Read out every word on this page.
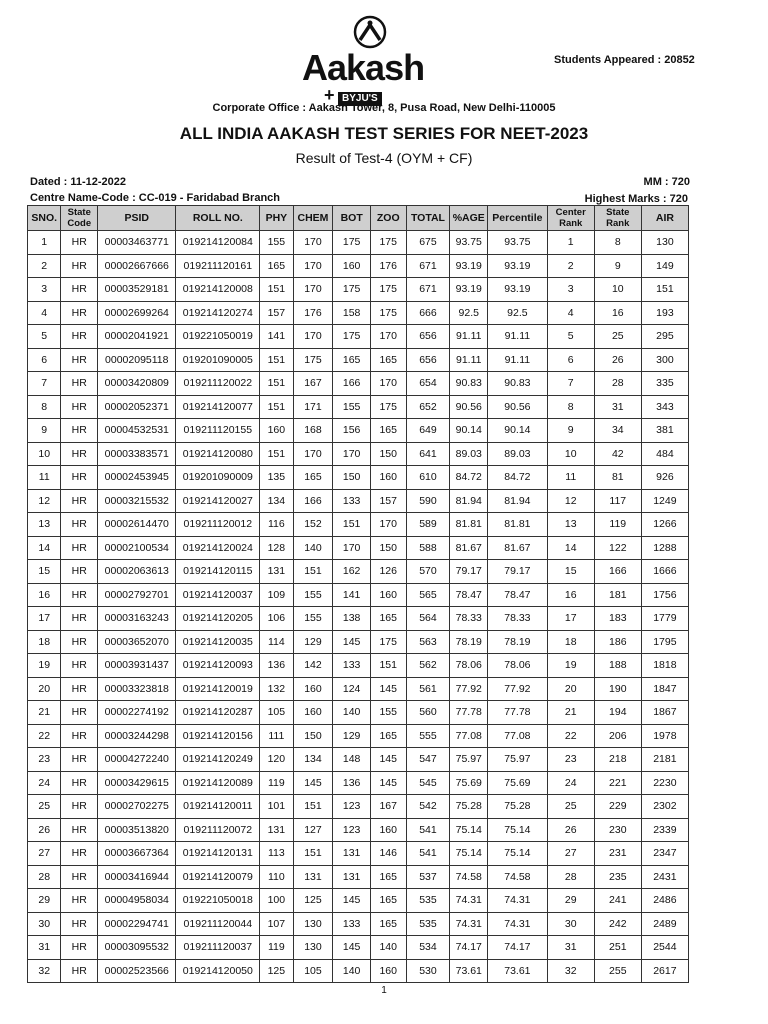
Aakash
+ BYJU'S
Students Appeared : 20852
Corporate Office : Aakash Tower, 8, Pusa Road, New Delhi-110005
ALL INDIA AAKASH TEST SERIES FOR NEET-2023
Result of Test-4 (OYM + CF)
Dated : 11-12-2022	MM : 720
Centre Name-Code : CC-019 - Faridabad Branch	Highest Marks : 720
SNO.	State Code	PSID	ROLL NO.	PHY	CHEM	BOT	ZOO	TOTAL	%AGE	Percentile	Center Rank	State Rank	AIR
1	HR	00003463771	019214120084	155	170	175	175	675	93.75	93.75	1	8	130
2	HR	00002667666	019211120161	165	170	160	176	671	93.19	93.19	2	9	149
3	HR	00003529181	019214120008	151	170	175	175	671	93.19	93.19	3	10	151
4	HR	00002699264	019214120274	157	176	158	175	666	92.5	92.5	4	16	193
5	HR	00002041921	019221050019	141	170	175	170	656	91.11	91.11	5	25	295
6	HR	00002095118	019201090005	151	175	165	165	656	91.11	91.11	6	26	300
7	HR	00003420809	019211120022	151	167	166	170	654	90.83	90.83	7	28	335
8	HR	00002052371	019214120077	151	171	155	175	652	90.56	90.56	8	31	343
9	HR	00004532531	019211120155	160	168	156	165	649	90.14	90.14	9	34	381
10	HR	00003383571	019214120080	151	170	170	150	641	89.03	89.03	10	42	484
11	HR	00002453945	019201090009	135	165	150	160	610	84.72	84.72	11	81	926
12	HR	00003215532	019214120027	134	166	133	157	590	81.94	81.94	12	117	1249
13	HR	00002614470	019211120012	116	152	151	170	589	81.81	81.81	13	119	1266
14	HR	00002100534	019214120024	128	140	170	150	588	81.67	81.67	14	122	1288
15	HR	00002063613	019214120115	131	151	162	126	570	79.17	79.17	15	166	1666
16	HR	00002792701	019214120037	109	155	141	160	565	78.47	78.47	16	181	1756
17	HR	00003163243	019214120205	106	155	138	165	564	78.33	78.33	17	183	1779
18	HR	00003652070	019214120035	114	129	145	175	563	78.19	78.19	18	186	1795
19	HR	00003931437	019214120093	136	142	133	151	562	78.06	78.06	19	188	1818
20	HR	00003323818	019214120019	132	160	124	145	561	77.92	77.92	20	190	1847
21	HR	00002274192	019214120287	105	160	140	155	560	77.78	77.78	21	194	1867
22	HR	00003244298	019214120156	111	150	129	165	555	77.08	77.08	22	206	1978
23	HR	00004272240	019214120249	120	134	148	145	547	75.97	75.97	23	218	2181
24	HR	00003429615	019214120089	119	145	136	145	545	75.69	75.69	24	221	2230
25	HR	00002702275	019214120011	101	151	123	167	542	75.28	75.28	25	229	2302
26	HR	00003513820	019211120072	131	127	123	160	541	75.14	75.14	26	230	2339
27	HR	00003667364	019214120131	113	151	131	146	541	75.14	75.14	27	231	2347
28	HR	00003416944	019214120079	110	131	131	165	537	74.58	74.58	28	235	2431
29	HR	00004958034	019221050018	100	125	145	165	535	74.31	74.31	29	241	2486
30	HR	00002294741	019211120044	107	130	133	165	535	74.31	74.31	30	242	2489
31	HR	00003095532	019211120037	119	130	145	140	534	74.17	74.17	31	251	2544
32	HR	00002523566	019214120050	125	105	140	160	530	73.61	73.61	32	255	2617
1
